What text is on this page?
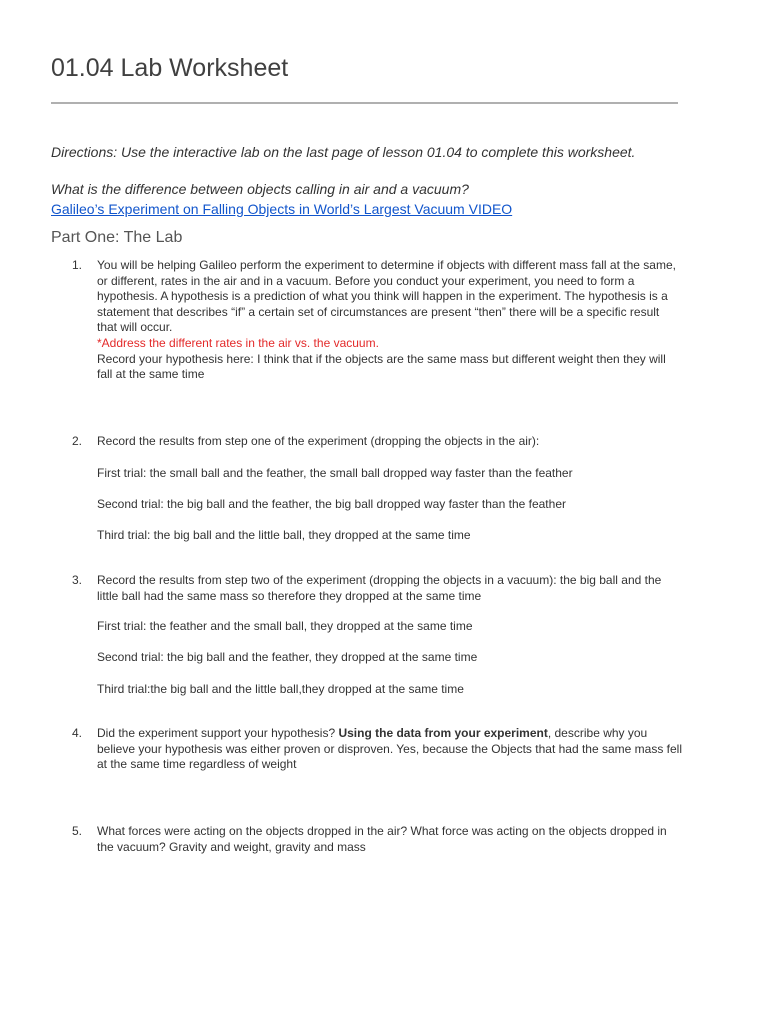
01.04 Lab Worksheet
Directions: Use the interactive lab on the last page of lesson 01.04 to complete this worksheet.
What is the difference between objects calling in air and a vacuum?
Galileo’s Experiment on Falling Objects in World’s Largest Vacuum VIDEO
Part One: The Lab
1.	You will be helping Galileo perform the experiment to determine if objects with different mass fall at the same, or different, rates in the air and in a vacuum. Before you conduct your experiment, you need to form a hypothesis. A hypothesis is a prediction of what you think will happen in the experiment. The hypothesis is a statement that describes “if” a certain set of circumstances are present “then” there will be a specific result that will occur.

*Address the different rates in the air vs. the vacuum.

Record your hypothesis here: I think that if the objects are the same mass but different weight then they will fall at the same time

2.	Record the results from step one of the experiment (dropping the objects in the air):

First trial: the small ball and the feather, the small ball dropped way faster than the feather
Second trial: the big ball and the feather, the big ball dropped way faster than the feather
Third trial: the big ball and the little ball, they dropped at the same time
3.	Record the results from step two of the experiment (dropping the objects in a vacuum): the big ball and the little ball had the same mass so therefore they dropped at the same time

First trial: the feather and the small ball, they dropped at the same time
Second trial: the big ball and the feather, they dropped at the same time
Third trial:the big ball and the little ball,they dropped at the same time
4.	Did the experiment support your hypothesis? Using the data from your experiment, describe why you believe your hypothesis was either proven or disproven. Yes, because the Objects that had the same mass fell at the same time regardless of weight

5.	What forces were acting on the objects dropped in the air? What force was acting on the objects dropped in the vacuum? Gravity and weight, gravity and mass
